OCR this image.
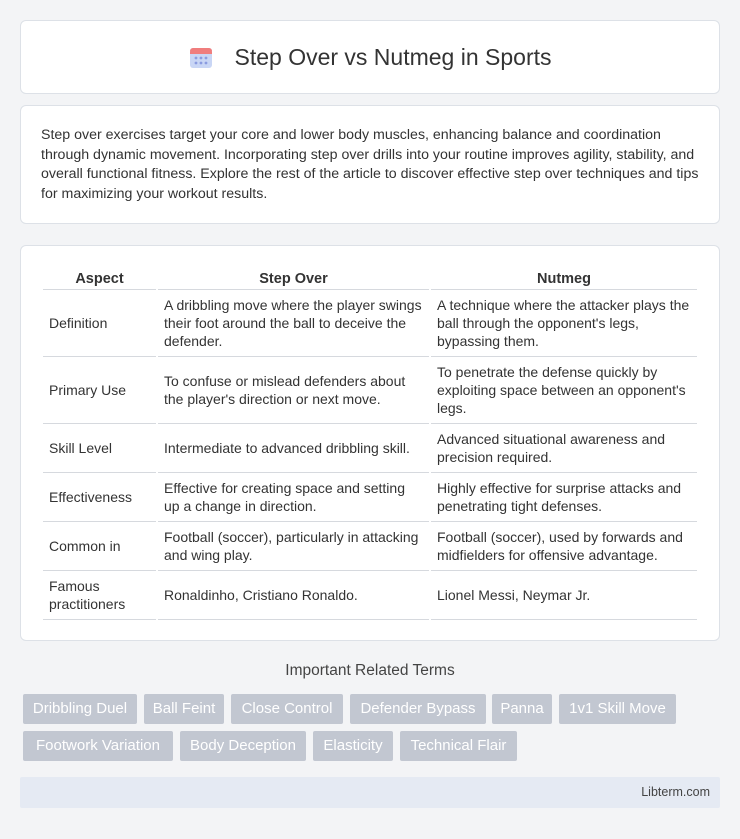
Step Over vs Nutmeg in Sports

Step over exercises target your core and lower body muscles, enhancing balance and coordination through dynamic movement. Incorporating step over drills into your routine improves agility, stability, and overall functional fitness. Explore the rest of the article to discover effective step over techniques and tips for maximizing your workout results.

Aspect	Step Over	Nutmeg
Definition	A dribbling move where the player swings their foot around the ball to deceive the defender.	A technique where the attacker plays the ball through the opponent's legs, bypassing them.
Primary Use	To confuse or mislead defenders about the player's direction or next move.	To penetrate the defense quickly by exploiting space between an opponent's legs.
Skill Level	Intermediate to advanced dribbling skill.	Advanced situational awareness and precision required.
Effectiveness	Effective for creating space and setting up a change in direction.	Highly effective for surprise attacks and penetrating tight defenses.
Common in	Football (soccer), particularly in attacking and wing play.	Football (soccer), used by forwards and midfielders for offensive advantage.
Famous practitioners	Ronaldinho, Cristiano Ronaldo.	Lionel Messi, Neymar Jr.
Important Related Terms
Dribbling Duel	Ball Feint	Close Control	Defender Bypass	Panna	1v1 Skill Move
Footwork Variation	Body Deception	Elasticity	Technical Flair
Libterm.com
